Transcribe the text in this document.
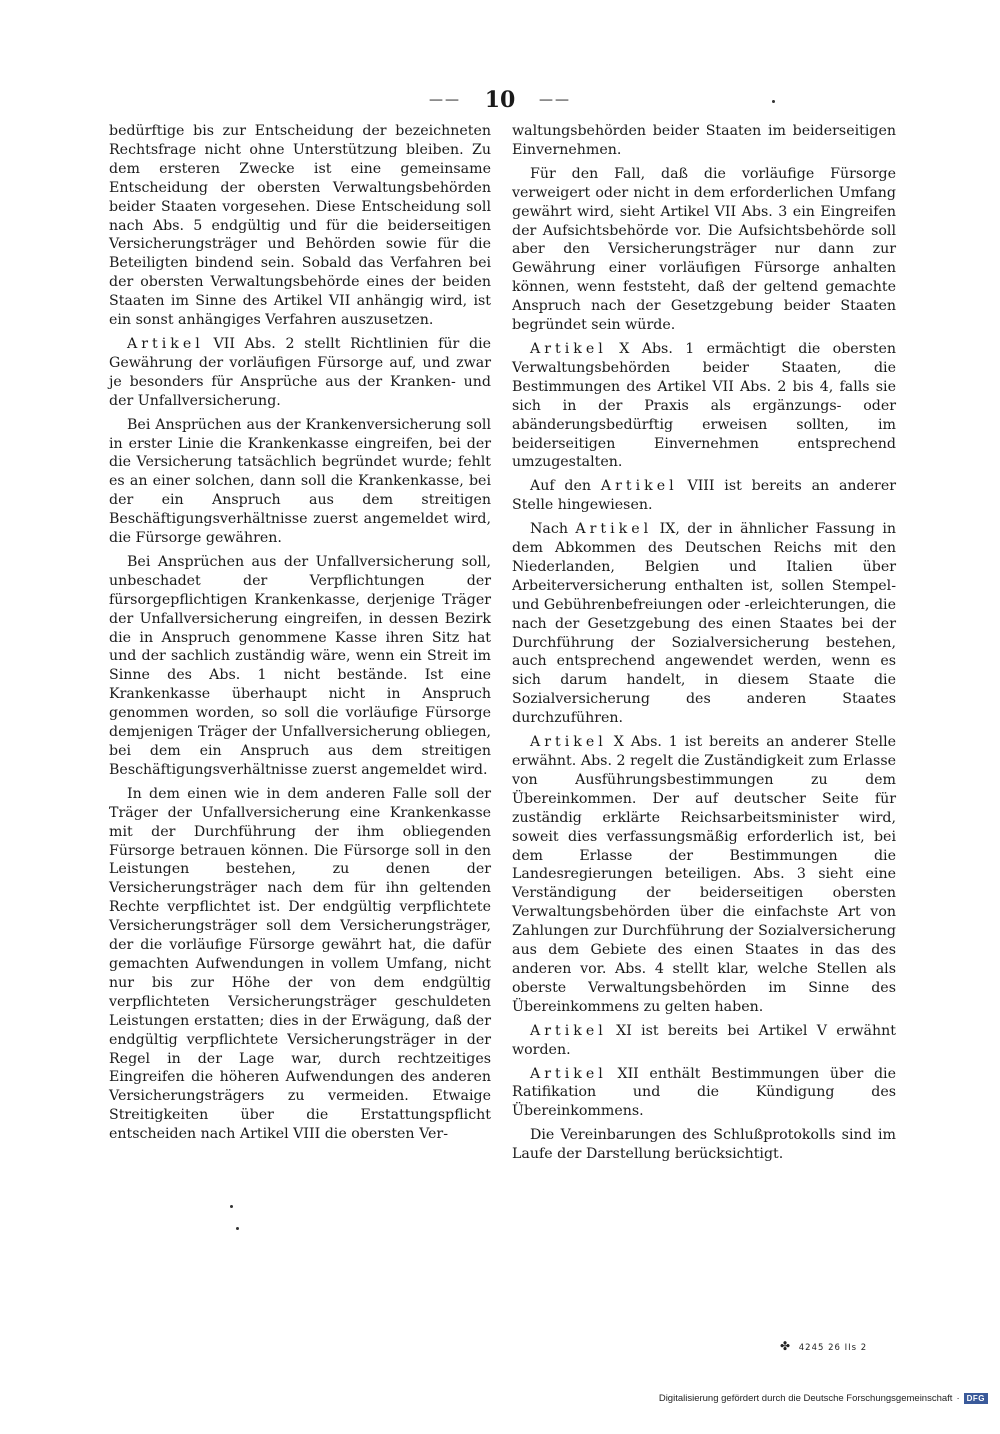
—— 10 ——

bedürftige bis zur Entscheidung der bezeichneten Rechtsfrage nicht ohne Unterstützung bleiben. Zu dem ersteren Zwecke ist eine gemeinsame Entscheidung der obersten Verwaltungsbehörden beider Staaten vorgesehen. Diese Entscheidung soll nach Abs. 5 endgültig und für die beiderseitigen Versicherungsträger und Behörden sowie für die Beteiligten bindend sein. Sobald das Verfahren bei der obersten Verwaltungsbehörde eines der beiden Staaten im Sinne des Artikel VII anhängig wird, ist ein sonst anhängiges Verfahren auszusetzen.

Artikel VII Abs. 2 stellt Richtlinien für die Gewährung der vorläufigen Fürsorge auf, und zwar je besonders für Ansprüche aus der Kranken- und der Unfallversicherung.

Bei Ansprüchen aus der Krankenversicherung soll in erster Linie die Krankenkasse eingreifen, bei der die Versicherung tatsächlich begründet wurde; fehlt es an einer solchen, dann soll die Krankenkasse, bei der ein Anspruch aus dem streitigen Beschäftigungsverhältnisse zuerst angemeldet wird, die Fürsorge gewähren.

Bei Ansprüchen aus der Unfallversicherung soll, unbeschadet der Verpflichtungen der fürsorgepflichtigen Krankenkasse, derjenige Träger der Unfallversicherung eingreifen, in dessen Bezirk die in Anspruch genommene Kasse ihren Sitz hat und der sachlich zuständig wäre, wenn ein Streit im Sinne des Abs. 1 nicht bestände. Ist eine Krankenkasse überhaupt nicht in Anspruch genommen worden, so soll die vorläufige Fürsorge demjenigen Träger der Unfallversicherung obliegen, bei dem ein Anspruch aus dem streitigen Beschäftigungsverhältnisse zuerst angemeldet wird.

In dem einen wie in dem anderen Falle soll der Träger der Unfallversicherung eine Krankenkasse mit der Durchführung der ihm obliegenden Fürsorge betrauen können. Die Fürsorge soll in den Leistungen bestehen, zu denen der Versicherungsträger nach dem für ihn geltenden Rechte verpflichtet ist. Der endgültig verpflichtete Versicherungsträger soll dem Versicherungsträger, der die vorläufige Fürsorge gewährt hat, die dafür gemachten Aufwendungen in vollem Umfang, nicht nur bis zur Höhe der von dem endgültig verpflichteten Versicherungsträger geschuldeten Leistungen erstatten; dies in der Erwägung, daß der endgültig verpflichtete Versicherungsträger in der Regel in der Lage war, durch rechtzeitiges Eingreifen die höheren Aufwendungen des anderen Versicherungsträgers zu vermeiden. Etwaige Streitigkeiten über die Erstattungspflicht entscheiden nach Artikel VIII die obersten Ver-

waltungsbehörden beider Staaten im beiderseitigen Einvernehmen.

Für den Fall, daß die vorläufige Fürsorge verweigert oder nicht in dem erforderlichen Umfang gewährt wird, sieht Artikel VII Abs. 3 ein Eingreifen der Aufsichtsbehörde vor. Die Aufsichtsbehörde soll aber den Versicherungsträger nur dann zur Gewährung einer vorläufigen Fürsorge anhalten können, wenn feststeht, daß der geltend gemachte Anspruch nach der Gesetzgebung beider Staaten begründet sein würde.

Artikel X Abs. 1 ermächtigt die obersten Verwaltungsbehörden beider Staaten, die Bestimmungen des Artikel VII Abs. 2 bis 4, falls sie sich in der Praxis als ergänzungs- oder abänderungsbedürftig erweisen sollten, im beiderseitigen Einvernehmen entsprechend umzugestalten.

Auf den Artikel VIII ist bereits an anderer Stelle hingewiesen.

Nach Artikel IX, der in ähnlicher Fassung in dem Abkommen des Deutschen Reichs mit den Niederlanden, Belgien und Italien über Arbeiterversicherung enthalten ist, sollen Stempel- und Gebührenbefreiungen oder -erleichterungen, die nach der Gesetzgebung des einen Staates bei der Durchführung der Sozialversicherung bestehen, auch entsprechend angewendet werden, wenn es sich darum handelt, in diesem Staate die Sozialversicherung des anderen Staates durchzuführen.

Artikel X Abs. 1 ist bereits an anderer Stelle erwähnt. Abs. 2 regelt die Zuständigkeit zum Erlasse von Ausführungsbestimmungen zu dem Übereinkommen. Der auf deutscher Seite für zuständig erklärte Reichsarbeitsminister wird, soweit dies verfassungsmäßig erforderlich ist, bei dem Erlasse der Bestimmungen die Landesregierungen beteiligen. Abs. 3 sieht eine Verständigung der beiderseitigen obersten Verwaltungsbehörden über die einfachste Art von Zahlungen zur Durchführung der Sozialversicherung aus dem Gebiete des einen Staates in das des anderen vor. Abs. 4 stellt klar, welche Stellen als oberste Verwaltungsbehörden im Sinne des Übereinkommens zu gelten haben.

Artikel XI ist bereits bei Artikel V erwähnt worden.

Artikel XII enthält Bestimmungen über die Ratifikation und die Kündigung des Übereinkommens.

Die Vereinbarungen des Schlußprotokolls sind im Laufe der Darstellung berücksichtigt.

✤ 4245 26 IIs 2
Digitalisierung gefördert durch die Deutsche Forschungsgemeinschaft · DFG
